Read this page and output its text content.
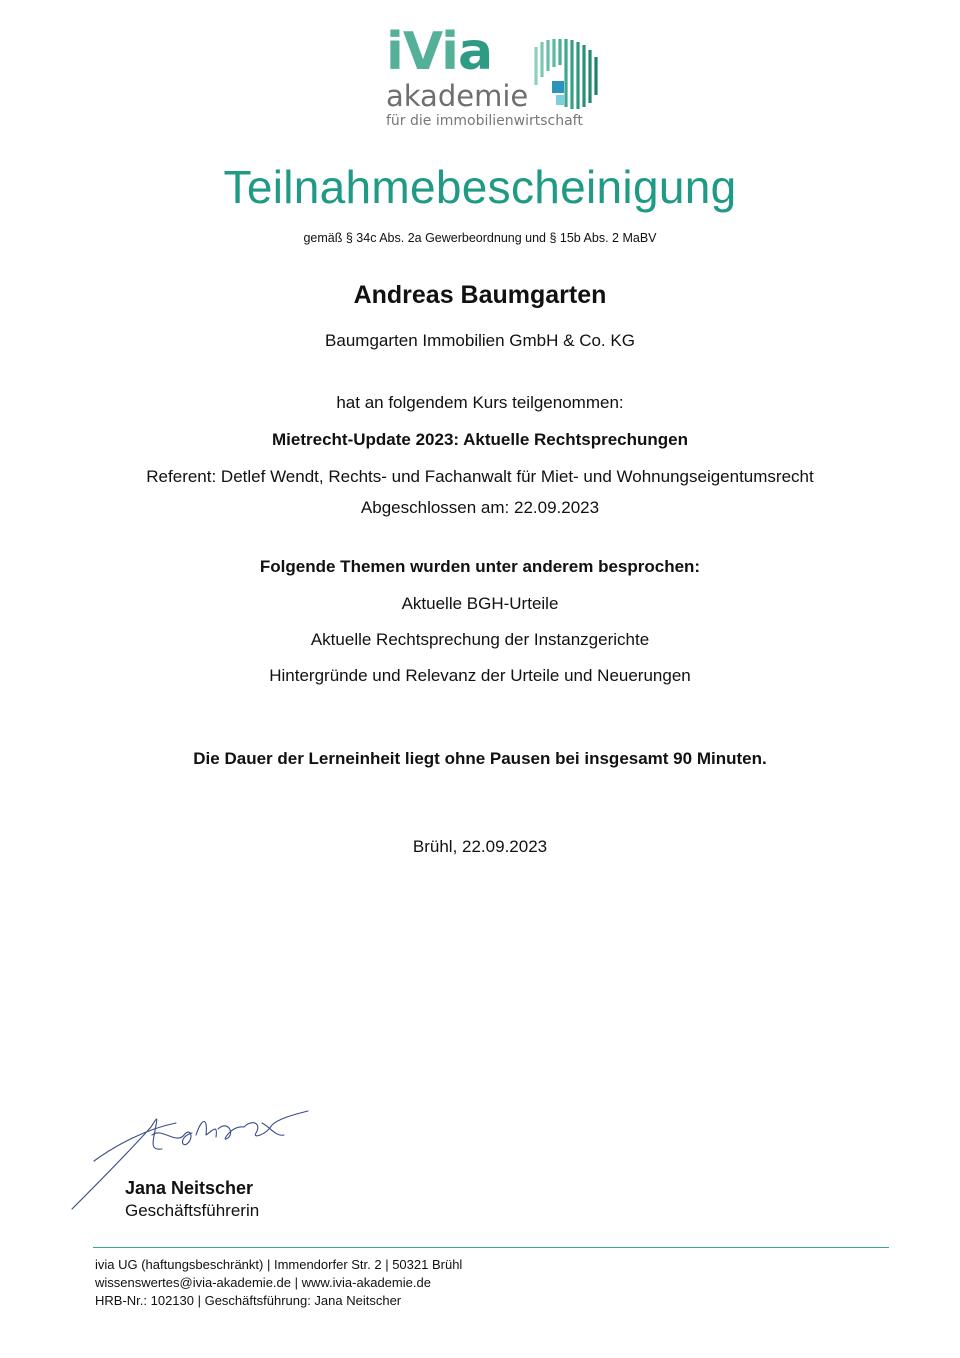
iVia
akademie
für die immobilienwirtschaft
Teilnahmebescheinigung
gemäß § 34c Abs. 2a Gewerbeordnung und § 15b Abs. 2 MaBV
Andreas Baumgarten
Baumgarten Immobilien GmbH & Co. KG
hat an folgendem Kurs teilgenommen:
Mietrecht-Update 2023: Aktuelle Rechtsprechungen
Referent: Detlef Wendt, Rechts- und Fachanwalt für Miet- und Wohnungseigentumsrecht
Abgeschlossen am: 22.09.2023
Folgende Themen wurden unter anderem besprochen:
Aktuelle BGH-Urteile
Aktuelle Rechtsprechung der Instanzgerichte
Hintergründe und Relevanz der Urteile und Neuerungen
Die Dauer der Lerneinheit liegt ohne Pausen bei insgesamt 90 Minuten.
Brühl, 22.09.2023
Jana Neitscher
Geschäftsführerin
ivia UG (haftungsbeschränkt) | Immendorfer Str. 2 | 50321 Brühl
wissenswertes@ivia-akademie.de | www.ivia-akademie.de
HRB-Nr.: 102130 | Geschäftsführung: Jana Neitscher
